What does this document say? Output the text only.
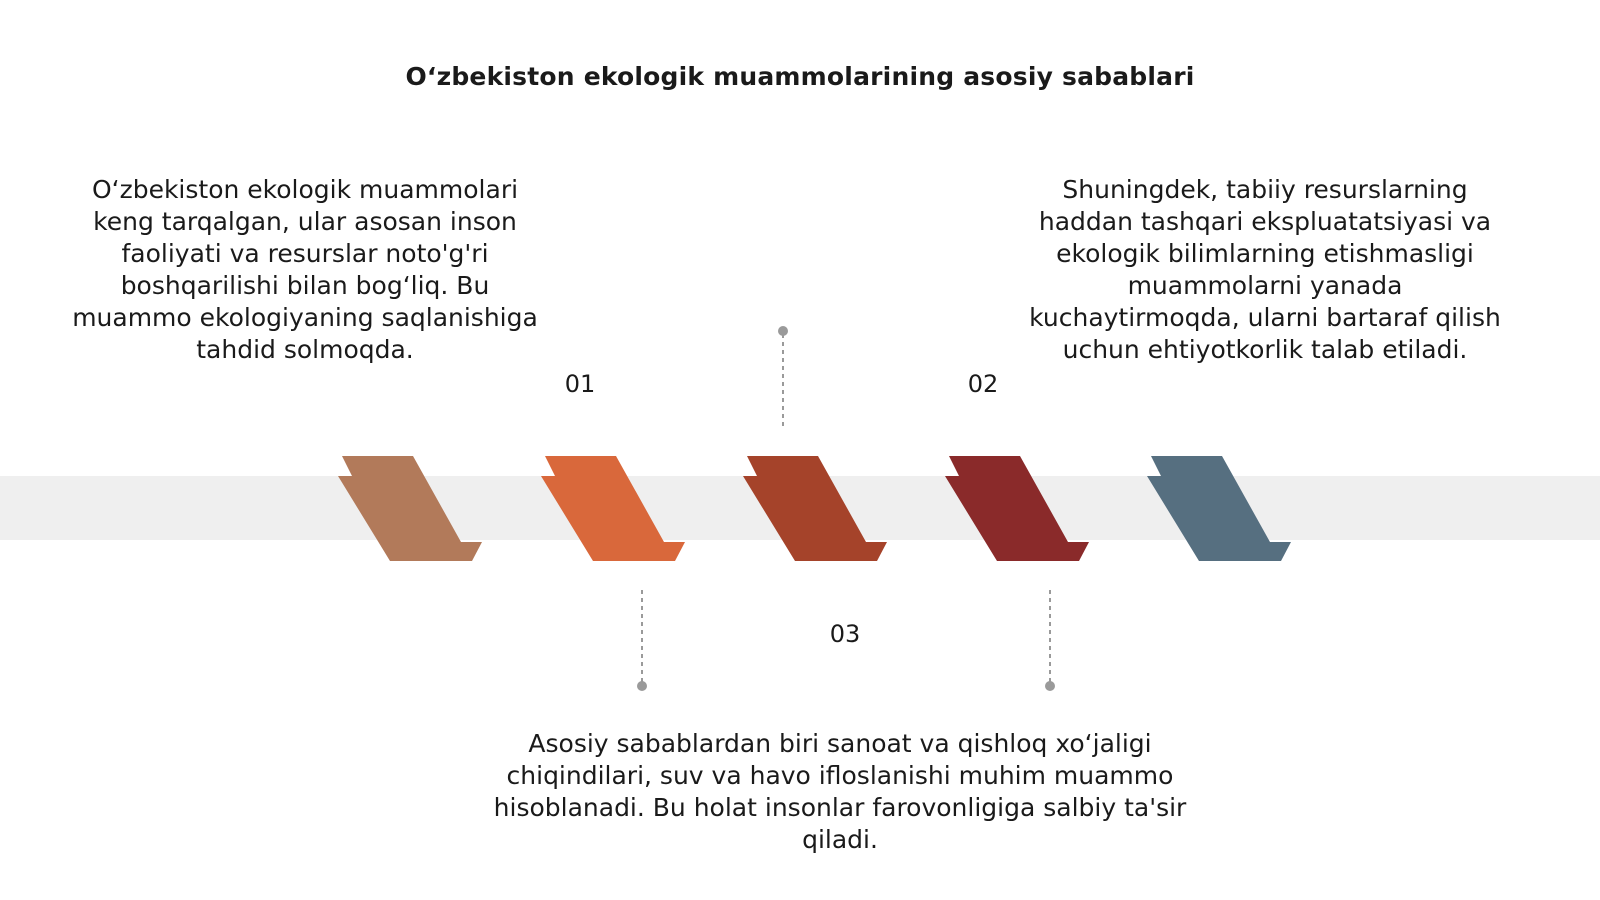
O‘zbekiston ekologik muammolarining asosiy sabablari
01	02
03
O‘zbekiston ekologik muammolari keng tarqalgan, ular asosan inson faoliyati va resurslar noto'g'ri boshqarilishi bilan bog‘liq. Bu muammo ekologiyaning saqlanishiga tahdid solmoqda.
Shuningdek, tabiiy resurslarning haddan tashqari ekspluatatsiyasi va ekologik bilimlarning etishmasligi muammolarni yanada kuchaytirmoqda, ularni bartaraf qilish uchun ehtiyotkorlik talab etiladi.
Asosiy sabablardan biri sanoat va qishloq xo‘jaligi chiqindilari, suv va havo ifloslanishi muhim muammo hisoblanadi. Bu holat insonlar farovonligiga salbiy ta'sir qiladi.
